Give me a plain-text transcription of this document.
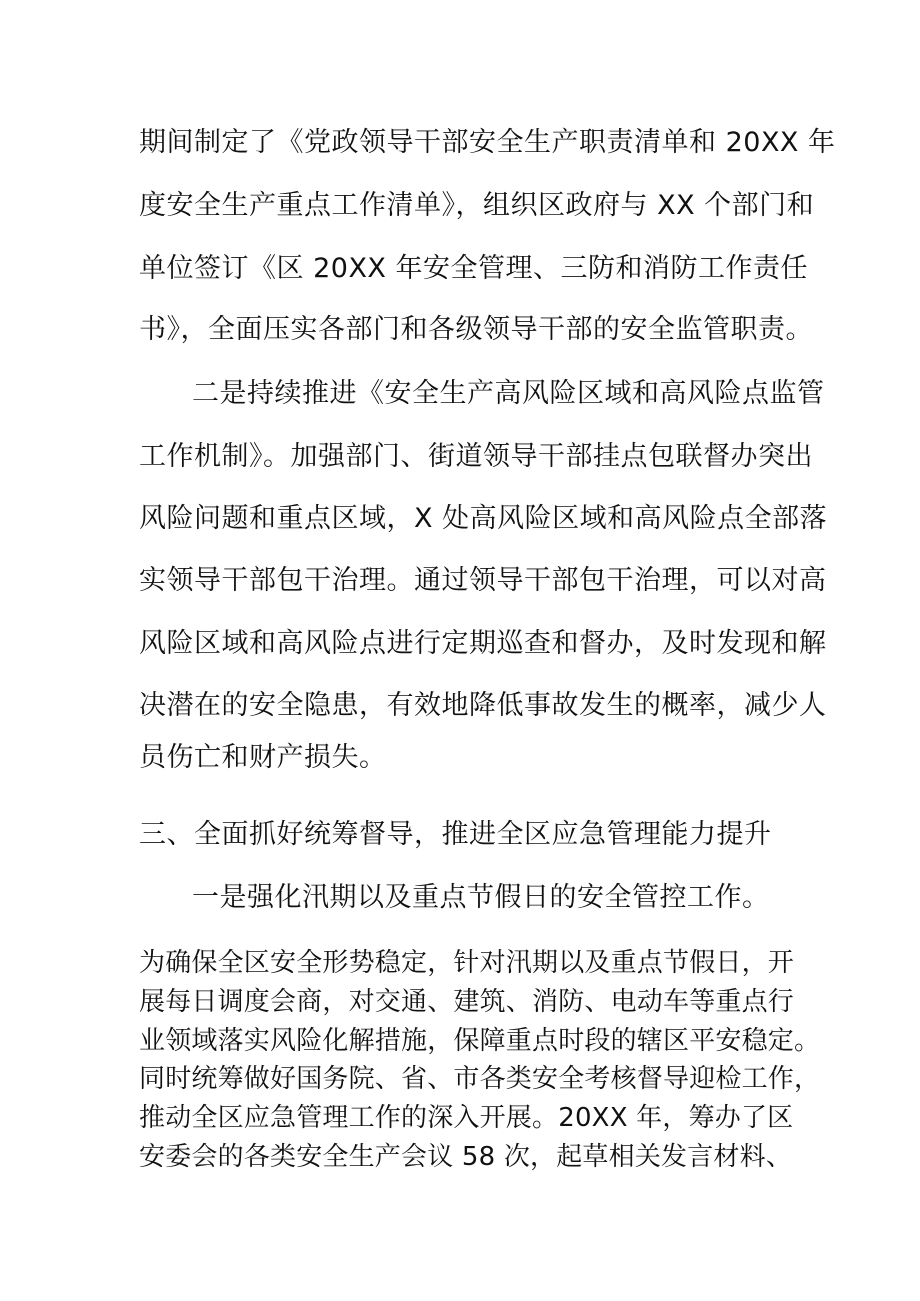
期间制定了《党政领导干部安全生产职责清单和 20XX 年
度安全生产重点工作清单》，组织区政府与 XX 个部门和
单位签订《区 20XX 年安全管理、三防和消防工作责任
书》，全面压实各部门和各级领导干部的安全监管职责。
二是持续推进《安全生产高风险区域和高风险点监管
工作机制》。加强部门、街道领导干部挂点包联督办突出
风险问题和重点区域，X 处高风险区域和高风险点全部落
实领导干部包干治理。通过领导干部包干治理，可以对高
风险区域和高风险点进行定期巡查和督办，及时发现和解
决潜在的安全隐患，有效地降低事故发生的概率，减少人
员伤亡和财产损失。
三、全面抓好统筹督导，推进全区应急管理能力提升
一是强化汛期以及重点节假日的安全管控工作。
为确保全区安全形势稳定，针对汛期以及重点节假日，开
展每日调度会商，对交通、建筑、消防、电动车等重点行
业领域落实风险化解措施，保障重点时段的辖区平安稳定。
同时统筹做好国务院、省、市各类安全考核督导迎检工作，
推动全区应急管理工作的深入开展。20XX 年，筹办了区
安委会的各类安全生产会议 58 次，起草相关发言材料、
